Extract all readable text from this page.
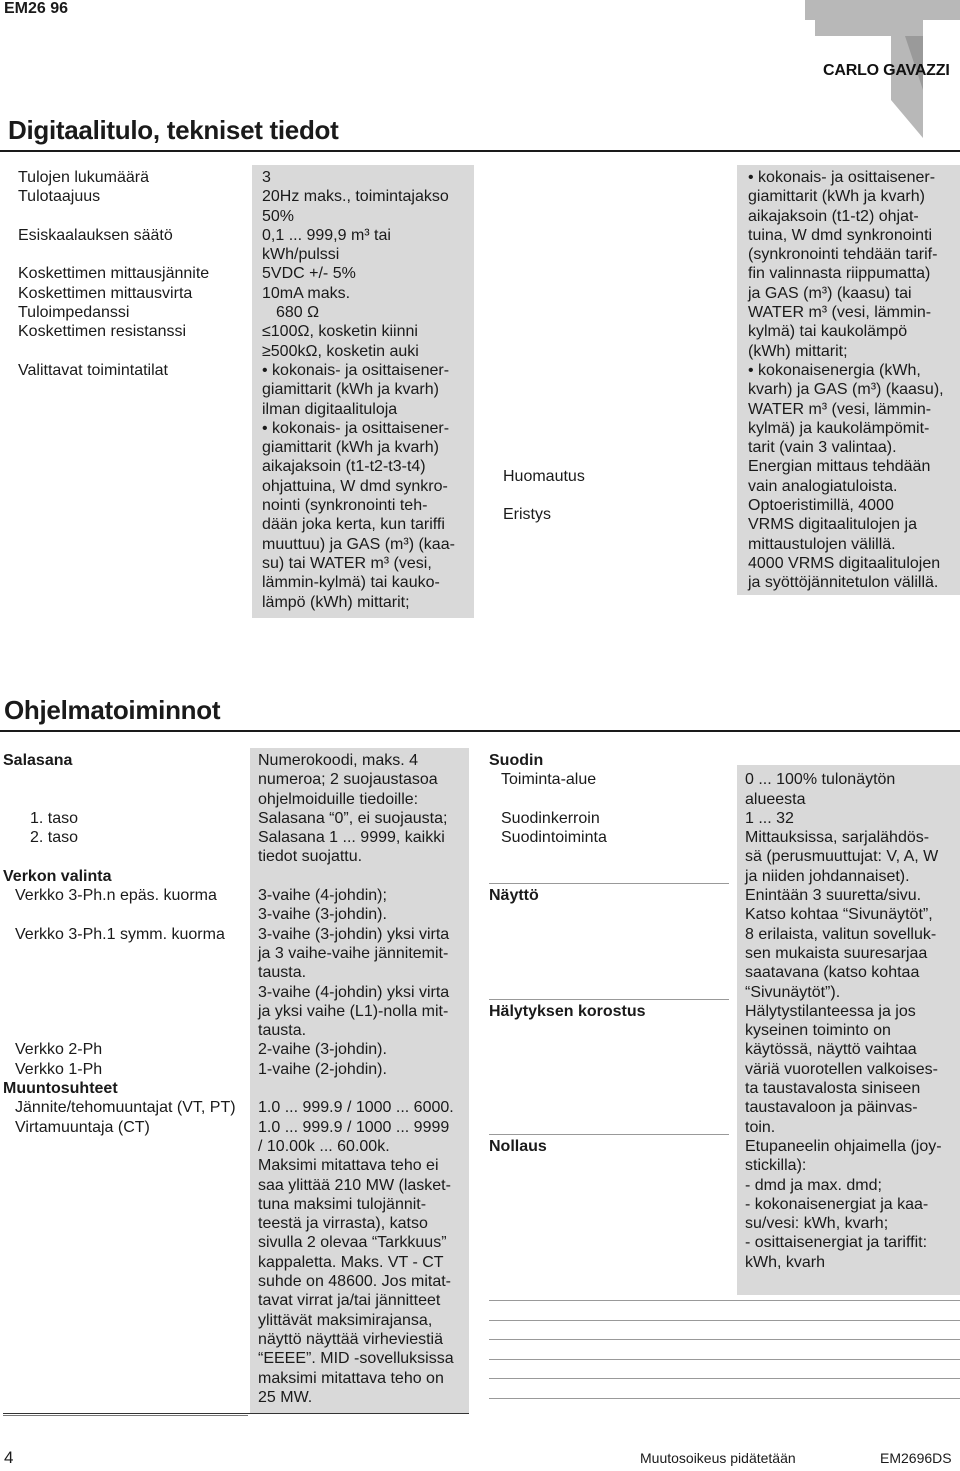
EM26 96
CARLO GAVAZZI
Digitaalitulo, tekniset tiedot
Tulojen lukumäärä
Tulotaajuus

Esiskaalauksen säätö

Koskettimen mittausjännite
Koskettimen mittausvirta
Tuloimpedanssi
Koskettimen resistanssi

Valittavat toimintatilat
3
20Hz maks., toimintajakso
50%
0,1 ... 999,9 m³ tai
kWh/pulssi
5VDC +/- 5%
10mA maks.
680 Ω
≤100Ω, kosketin kiinni
≥500kΩ, kosketin auki
• kokonais- ja osittaisener-
giamittarit (kWh ja kvarh)
ilman digitaalituloja
• kokonais- ja osittaisener-
giamittarit (kWh ja kvarh)
aikajaksoin (t1-t2-t3-t4)
ohjattuina, W dmd synkro-
nointi (synkronointi teh-
dään joka kerta, kun tariffi
muuttuu) ja GAS (m³) (kaa-
su) tai WATER m³ (vesi,
lämmin-kylmä) tai kauko-
lämpö (kWh) mittarit;
Huomautus
Eristys
• kokonais- ja osittaisener-
giamittarit (kWh ja kvarh)
aikajaksoin (t1-t2) ohjat-
tuina, W dmd synkronointi
(synkronointi tehdään tarif-
fin valinnasta riippumatta)
ja GAS (m³) (kaasu) tai
WATER m³ (vesi, lämmin-
kylmä) tai kaukolämpö
(kWh) mittarit;
• kokonaisenergia (kWh,
kvarh) ja GAS (m³) (kaasu),
WATER m³ (vesi, lämmin-
kylmä) ja kaukolämpömit-
tarit (vain 3 valintaa).
Energian mittaus tehdään
vain analogiatuloista.
Optoeristimillä, 4000
VRMS digitaalitulojen ja
mittaustulojen välillä.
4000 VRMS digitaalitulojen
ja syöttöjännitetulon välillä.
Ohjelmatoiminnot
Salasana

1. taso
2. taso

Verkon valinta
Verkko 3-Ph.n epäs. kuorma

Verkko 3-Ph.1 symm. kuorma

Verkko 2-Ph
Verkko 1-Ph
Muuntosuhteet
Jännite/tehomuuntajat (VT, PT)
Virtamuuntaja (CT)
Numerokoodi, maks. 4
numeroa; 2 suojaustasoa
ohjelmoiduille tiedoille:
Salasana “0”, ei suojausta;
Salasana 1 ... 9999, kaikki
tiedot suojattu.

3-vaihe (4-johdin);
3-vaihe (3-johdin).
3-vaihe (3-johdin) yksi virta
ja 3 vaihe-vaihe jännitemit-
tausta.
3-vaihe (4-johdin) yksi virta
ja yksi vaihe (L1)-nolla mit-
tausta.
2-vaihe (3-johdin).
1-vaihe (2-johdin).

1.0 ... 999.9 / 1000 ... 6000.
1.0 ... 999.9 / 1000 ... 9999
/ 10.00k ... 60.00k.
Maksimi mitattava teho ei
saa ylittää 210 MW (lasket-
tuna maksimi tulojännit-
teestä ja virrasta), katso
sivulla 2 olevaa “Tarkkuus”
kappaletta. Maks. VT - CT
suhde on 48600. Jos mitat-
tavat virrat ja/tai jännitteet
ylittävät maksimirajansa,
näyttö näyttää virheviestiä
“EEEE”. MID -sovelluksissa
maksimi mitattava teho on
25 MW.
Suodin
Toiminta-alue

Suodinkerroin
Suodintoiminta

Näyttö

Hälytyksen korostus

Nollaus

0 ... 100% tulonäytön
alueesta
1 ... 32
Mittauksissa, sarjalähdös-
sä (perusmuuttujat: V, A, W
ja niiden johdannaiset).
Enintään 3 suuretta/sivu.
Katso kohtaa “Sivunäytöt”,
8 erilaista, valitun sovelluk-
sen mukaista suuresarjaa
saatavana (katso kohtaa
“Sivunäytöt”).
Hälytystilanteessa ja jos
kyseinen toiminto on
käytössä, näyttö vaihtaa
väriä vuorotellen valkoises-
ta taustavalosta siniseen
taustavaloon ja päinvas-
toin.
Etupaneelin ohjaimella (joy-
stickilla):
- dmd ja max. dmd;
- kokonaisenergiat ja kaa-
su/vesi: kWh, kvarh;
- osittaisenergiat ja tariffit:
kWh, kvarh
4	Muutosoikeus pidätetään	EM2696DS
